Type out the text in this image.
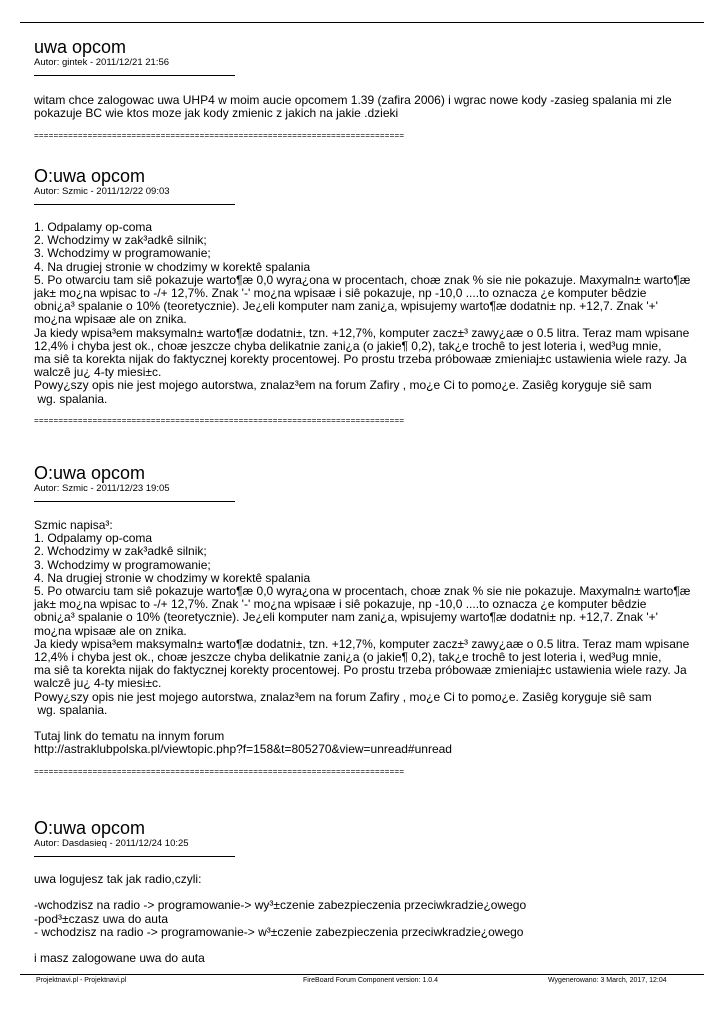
uwa opcom
Autor: gintek - 2011/12/21 21:56
witam chce zalogowac uwa UHP4 w moim aucie opcomem 1.39 (zafira 2006) i wgrac nowe kody -zasieg spalania mi zle
pokazuje BC wie ktos moze jak kody zmienic z jakich na jakie .dzieki
============================================================================
O:uwa opcom
Autor: Szmic - 2011/12/22 09:03
1. Odpalamy op-coma
2. Wchodzimy w zak³adkê silnik;
3. Wchodzimy w programowanie;
4. Na drugiej stronie w chodzimy w korektê spalania
5. Po otwarciu tam siê pokazuje warto¶æ 0,0 wyra¿ona w procentach, choæ znak % sie nie pokazuje. Maxymaln± warto¶æ
jak± mo¿na wpisac to -/+ 12,7%. Znak '-' mo¿na wpisaæ i siê pokazuje, np -10,0 ....to oznacza ¿e komputer bêdzie
obni¿a³ spalanie o 10% (teoretycznie). Je¿eli komputer nam zani¿a, wpisujemy warto¶æ dodatni± np. +12,7. Znak '+'
mo¿na wpisaæ ale on znika.
Ja kiedy wpisa³em maksymaln± warto¶æ dodatni±, tzn. +12,7%, komputer zacz±³ zawy¿aæ o 0.5 litra. Teraz mam wpisane
12,4% i chyba jest ok., choæ jeszcze chyba delikatnie zani¿a (o jakie¶ 0,2), tak¿e trochê to jest loteria i, wed³ug mnie,
ma siê ta korekta nijak do faktycznej korekty procentowej. Po prostu trzeba próbowaæ zmieniaj±c ustawienia wiele razy. Ja
walczê ju¿ 4-ty miesi±c.
Powy¿szy opis nie jest mojego autorstwa, znalaz³em na forum Zafiry , mo¿e Ci to pomo¿e. Zasiêg koryguje siê sam
wg. spalania.
============================================================================
O:uwa opcom
Autor: Szmic - 2011/12/23 19:05
Szmic napisa³:
1. Odpalamy op-coma
2. Wchodzimy w zak³adkê silnik;
3. Wchodzimy w programowanie;
4. Na drugiej stronie w chodzimy w korektê spalania
5. Po otwarciu tam siê pokazuje warto¶æ 0,0 wyra¿ona w procentach, choæ znak % sie nie pokazuje. Maxymaln± warto¶æ
jak± mo¿na wpisac to -/+ 12,7%. Znak '-' mo¿na wpisaæ i siê pokazuje, np -10,0 ....to oznacza ¿e komputer bêdzie
obni¿a³ spalanie o 10% (teoretycznie). Je¿eli komputer nam zani¿a, wpisujemy warto¶æ dodatni± np. +12,7. Znak '+'
mo¿na wpisaæ ale on znika.
Ja kiedy wpisa³em maksymaln± warto¶æ dodatni±, tzn. +12,7%, komputer zacz±³ zawy¿aæ o 0.5 litra. Teraz mam wpisane
12,4% i chyba jest ok., choæ jeszcze chyba delikatnie zani¿a (o jakie¶ 0,2), tak¿e trochê to jest loteria i, wed³ug mnie,
ma siê ta korekta nijak do faktycznej korekty procentowej. Po prostu trzeba próbowaæ zmieniaj±c ustawienia wiele razy. Ja
walczê ju¿ 4-ty miesi±c.
Powy¿szy opis nie jest mojego autorstwa, znalaz³em na forum Zafiry , mo¿e Ci to pomo¿e. Zasiêg koryguje siê sam
wg. spalania.

Tutaj link do tematu na innym forum
http://astraklubpolska.pl/viewtopic.php?f=158&t=805270&view=unread#unread
============================================================================
O:uwa opcom
Autor: Dasdasieq - 2011/12/24 10:25
uwa logujesz tak jak radio,czyli:

-wchodzisz na radio -> programowanie-> wy³±czenie zabezpieczenia przeciwkradzie¿owego
-pod³±czasz uwa do auta
- wchodzisz na radio -> programowanie-> w³±czenie zabezpieczenia przeciwkradzie¿owego

i masz zalogowane uwa do auta
Projektnavi.pl - Projektnavi.pl	FireBoard Forum Component version: 1.0.4	Wygenerowano: 3 March, 2017, 12:04
